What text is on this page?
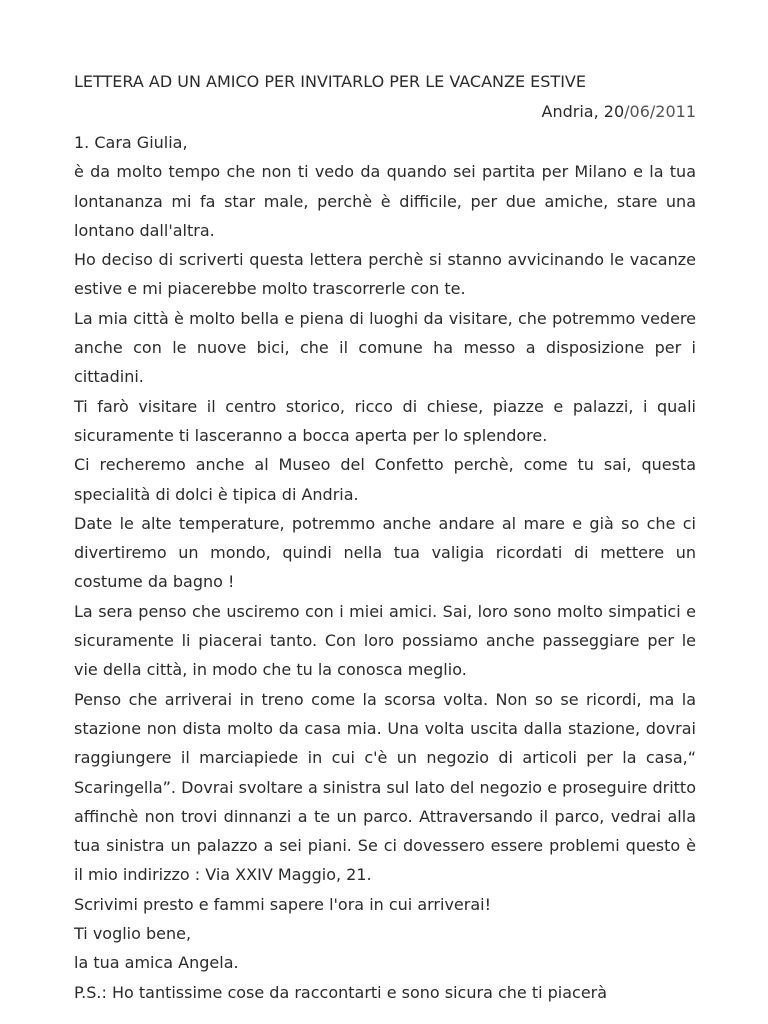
LETTERA AD UN AMICO PER INVITARLO PER LE VACANZE ESTIVE

Andria, 20/06/2011

1. Cara Giulia,

è da molto tempo che non ti vedo da quando sei partita per Milano e la tua lontananza mi fa star male, perchè è difficile, per due amiche, stare una lontano dall'altra.

Ho deciso di scriverti questa lettera perchè si stanno avvicinando le vacanze estive e mi piacerebbe molto trascorrerle con te.

La mia città è molto bella e piena di luoghi da visitare, che potremmo vedere anche con le nuove bici, che il comune ha messo a disposizione per i cittadini.

Ti farò visitare il centro storico, ricco di chiese, piazze e palazzi, i quali sicuramente ti lasceranno a bocca aperta per lo splendore.

Ci recheremo anche al Museo del Confetto perchè, come tu sai, questa specialità di dolci è tipica di Andria.

Date le alte temperature, potremmo anche andare al mare e già so che ci divertiremo un mondo, quindi nella tua valigia ricordati di mettere un costume da bagno !

La sera penso che usciremo con i miei amici. Sai, loro sono molto simpatici e sicuramente li piacerai tanto. Con loro possiamo anche passeggiare per le vie della città, in modo che tu la conosca meglio.

Penso che arriverai in treno come la scorsa volta. Non so se ricordi, ma la stazione non dista molto da casa mia. Una volta uscita dalla stazione, dovrai raggiungere il marciapiede in cui c'è un negozio di articoli per la casa,“ Scaringella”. Dovrai svoltare a sinistra sul lato del negozio e proseguire dritto affinchè non trovi dinnanzi a te un parco. Attraversando il parco, vedrai alla tua sinistra un palazzo a sei piani. Se ci dovessero essere problemi questo è il mio indirizzo : Via XXIV Maggio, 21.

Scrivimi presto e fammi sapere l'ora in cui arriverai!

Ti voglio bene,

la tua amica Angela.

P.S.: Ho tantissime cose da raccontarti e sono sicura che ti piacerà
